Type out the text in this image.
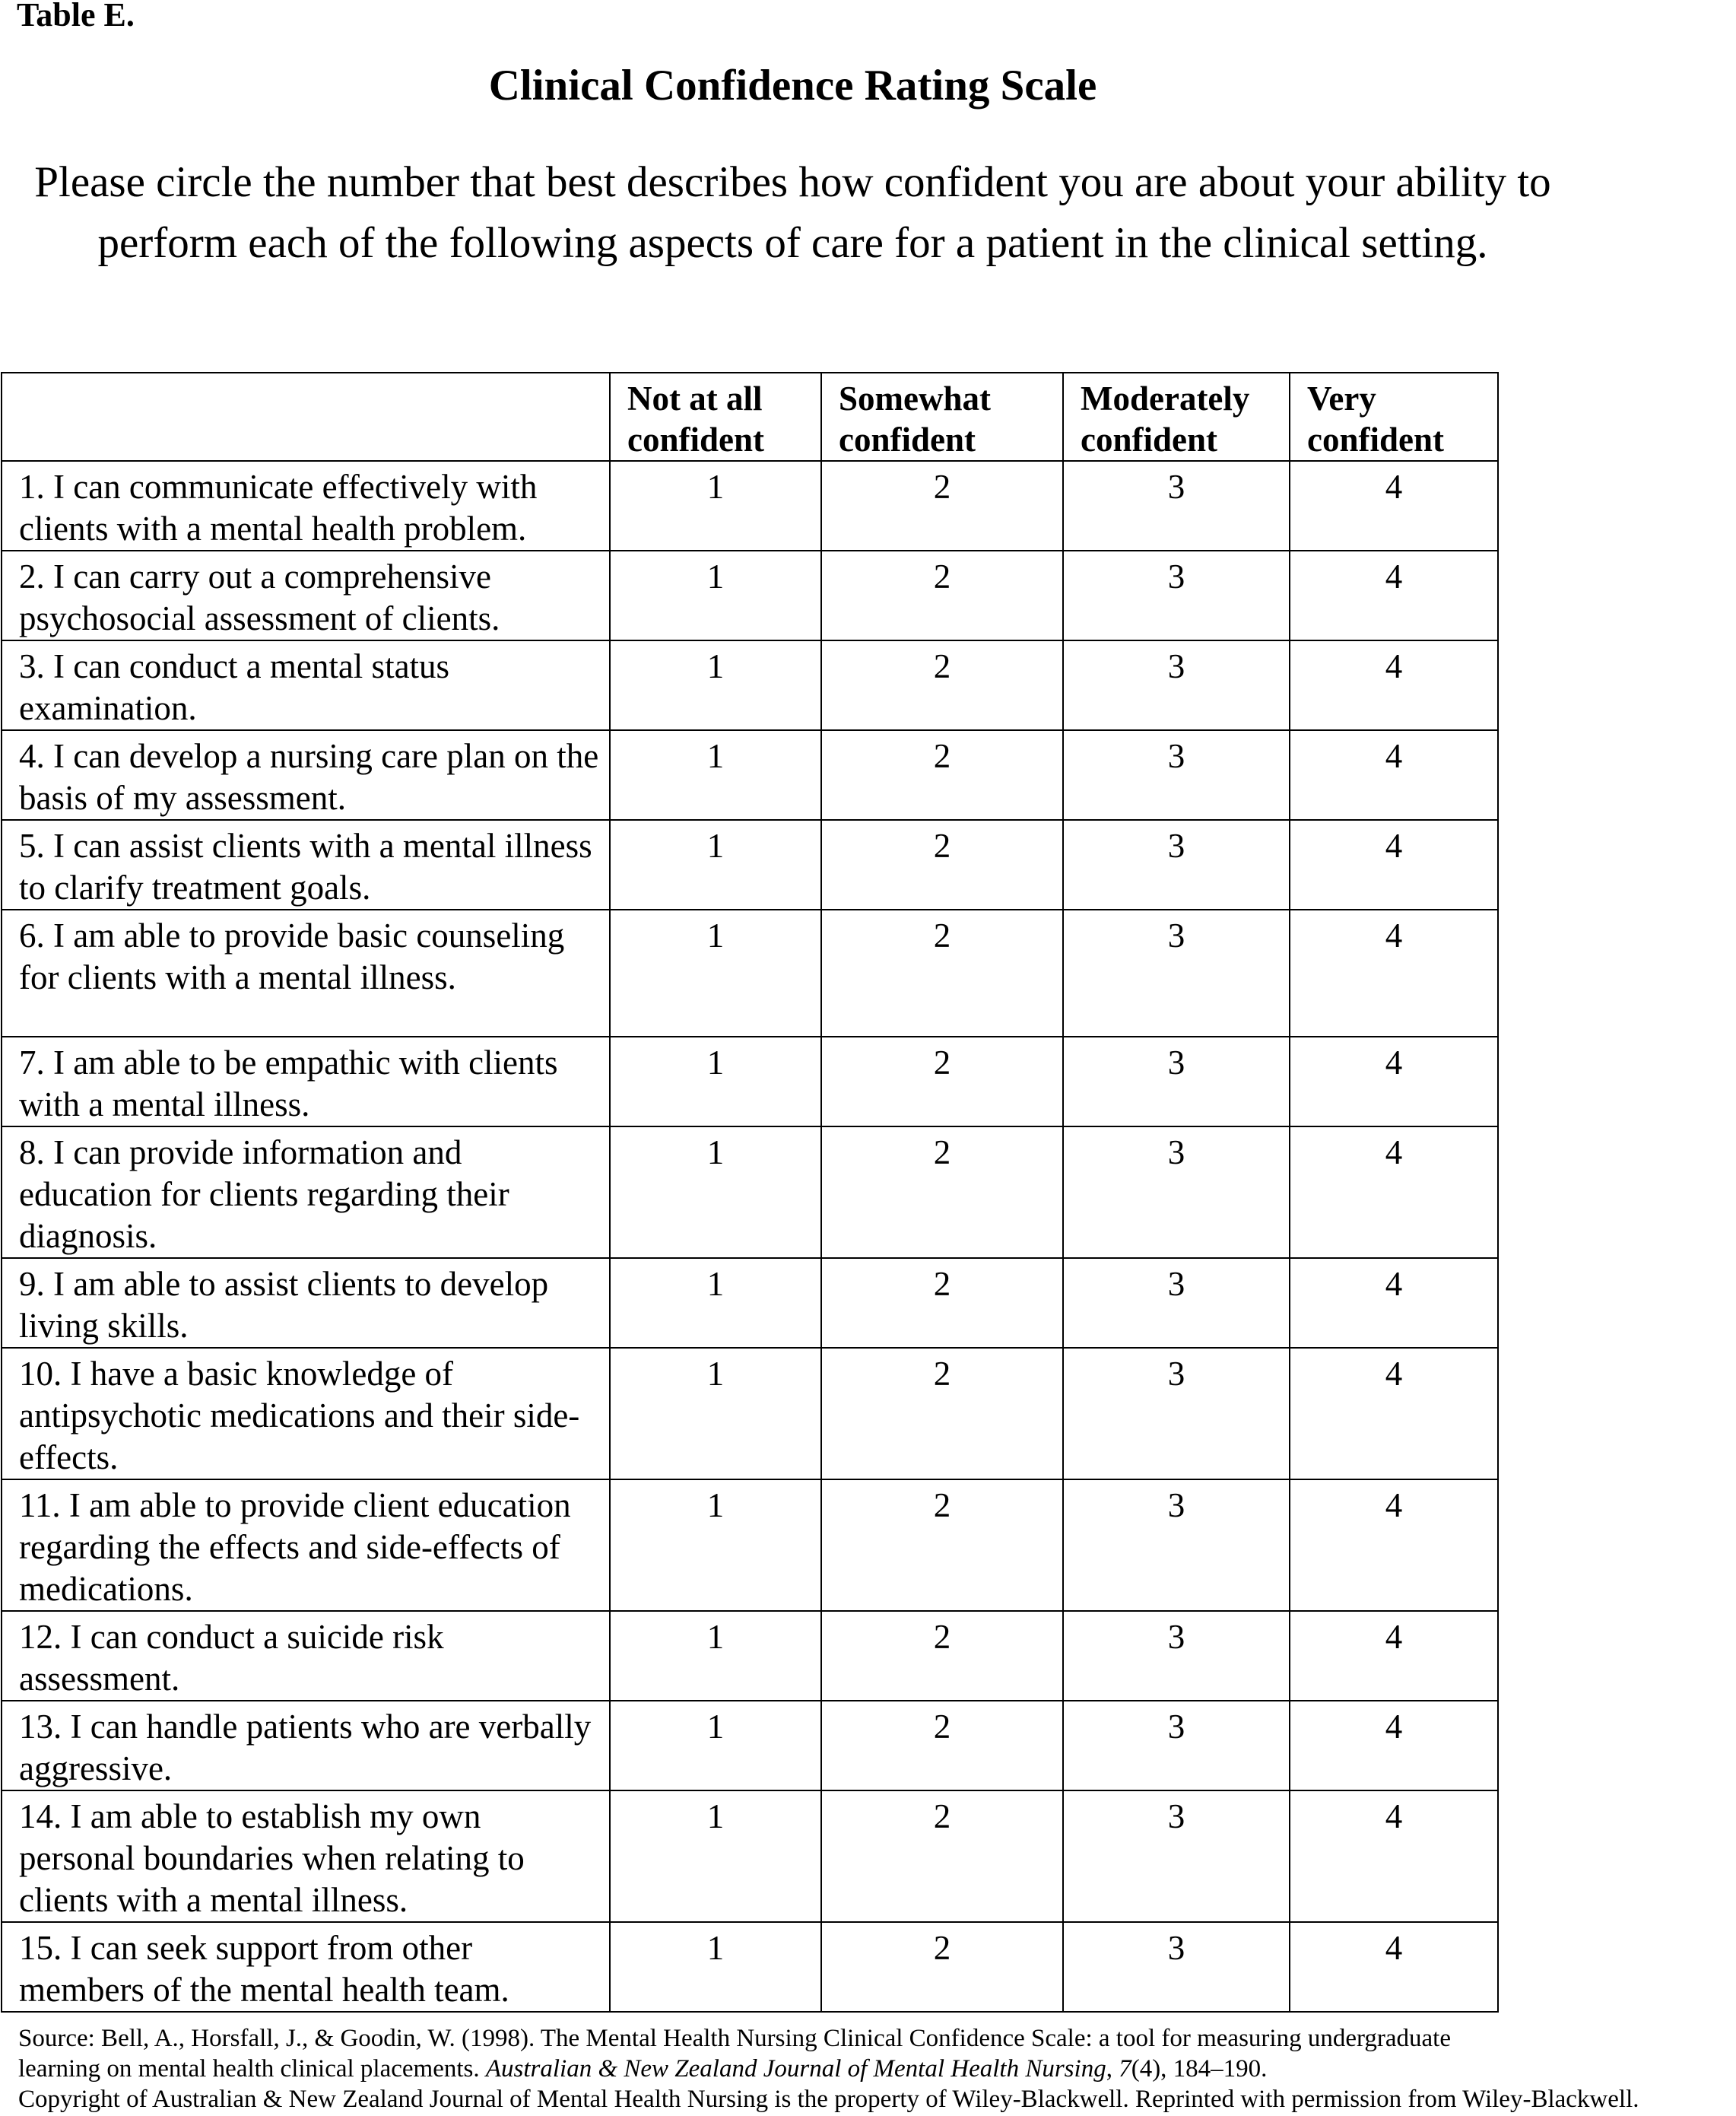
Table E.
Clinical Confidence Rating Scale
Please circle the number that best describes how confident you are about your ability to perform each of the following aspects of care for a patient in the clinical setting.
	Not at all confident	Somewhat confident	Moderately confident	Very confident
1. I can communicate effectively with clients with a mental health problem.	1	2	3	4
2. I can carry out a comprehensive psychosocial assessment of clients.	1	2	3	4
3. I can conduct a mental status examination.	1	2	3	4
4. I can develop a nursing care plan on the basis of my assessment.	1	2	3	4
5. I can assist clients with a mental illness to clarify treatment goals.	1	2	3	4
6. I am able to provide basic counseling for clients with a mental illness.	1	2	3	4
7. I am able to be empathic with clients with a mental illness.	1	2	3	4
8. I can provide information and education for clients regarding their diagnosis.	1	2	3	4
9. I am able to assist clients to develop living skills.	1	2	3	4
10. I have a basic knowledge of antipsychotic medications and their side-effects.	1	2	3	4
11. I am able to provide client education regarding the effects and side-effects of medications.	1	2	3	4
12. I can conduct a suicide risk assessment.	1	2	3	4
13. I can handle patients who are verbally aggressive.	1	2	3	4
14. I am able to establish my own personal boundaries when relating to clients with a mental illness.	1	2	3	4
15. I can seek support from other members of the mental health team.	1	2	3	4
Source: Bell, A., Horsfall, J., & Goodin, W. (1998). The Mental Health Nursing Clinical Confidence Scale: a tool for measuring undergraduate
learning on mental health clinical placements. Australian & New Zealand Journal of Mental Health Nursing, 7(4), 184–190.
Copyright of Australian & New Zealand Journal of Mental Health Nursing is the property of Wiley-Blackwell. Reprinted with permission from Wiley-Blackwell.
